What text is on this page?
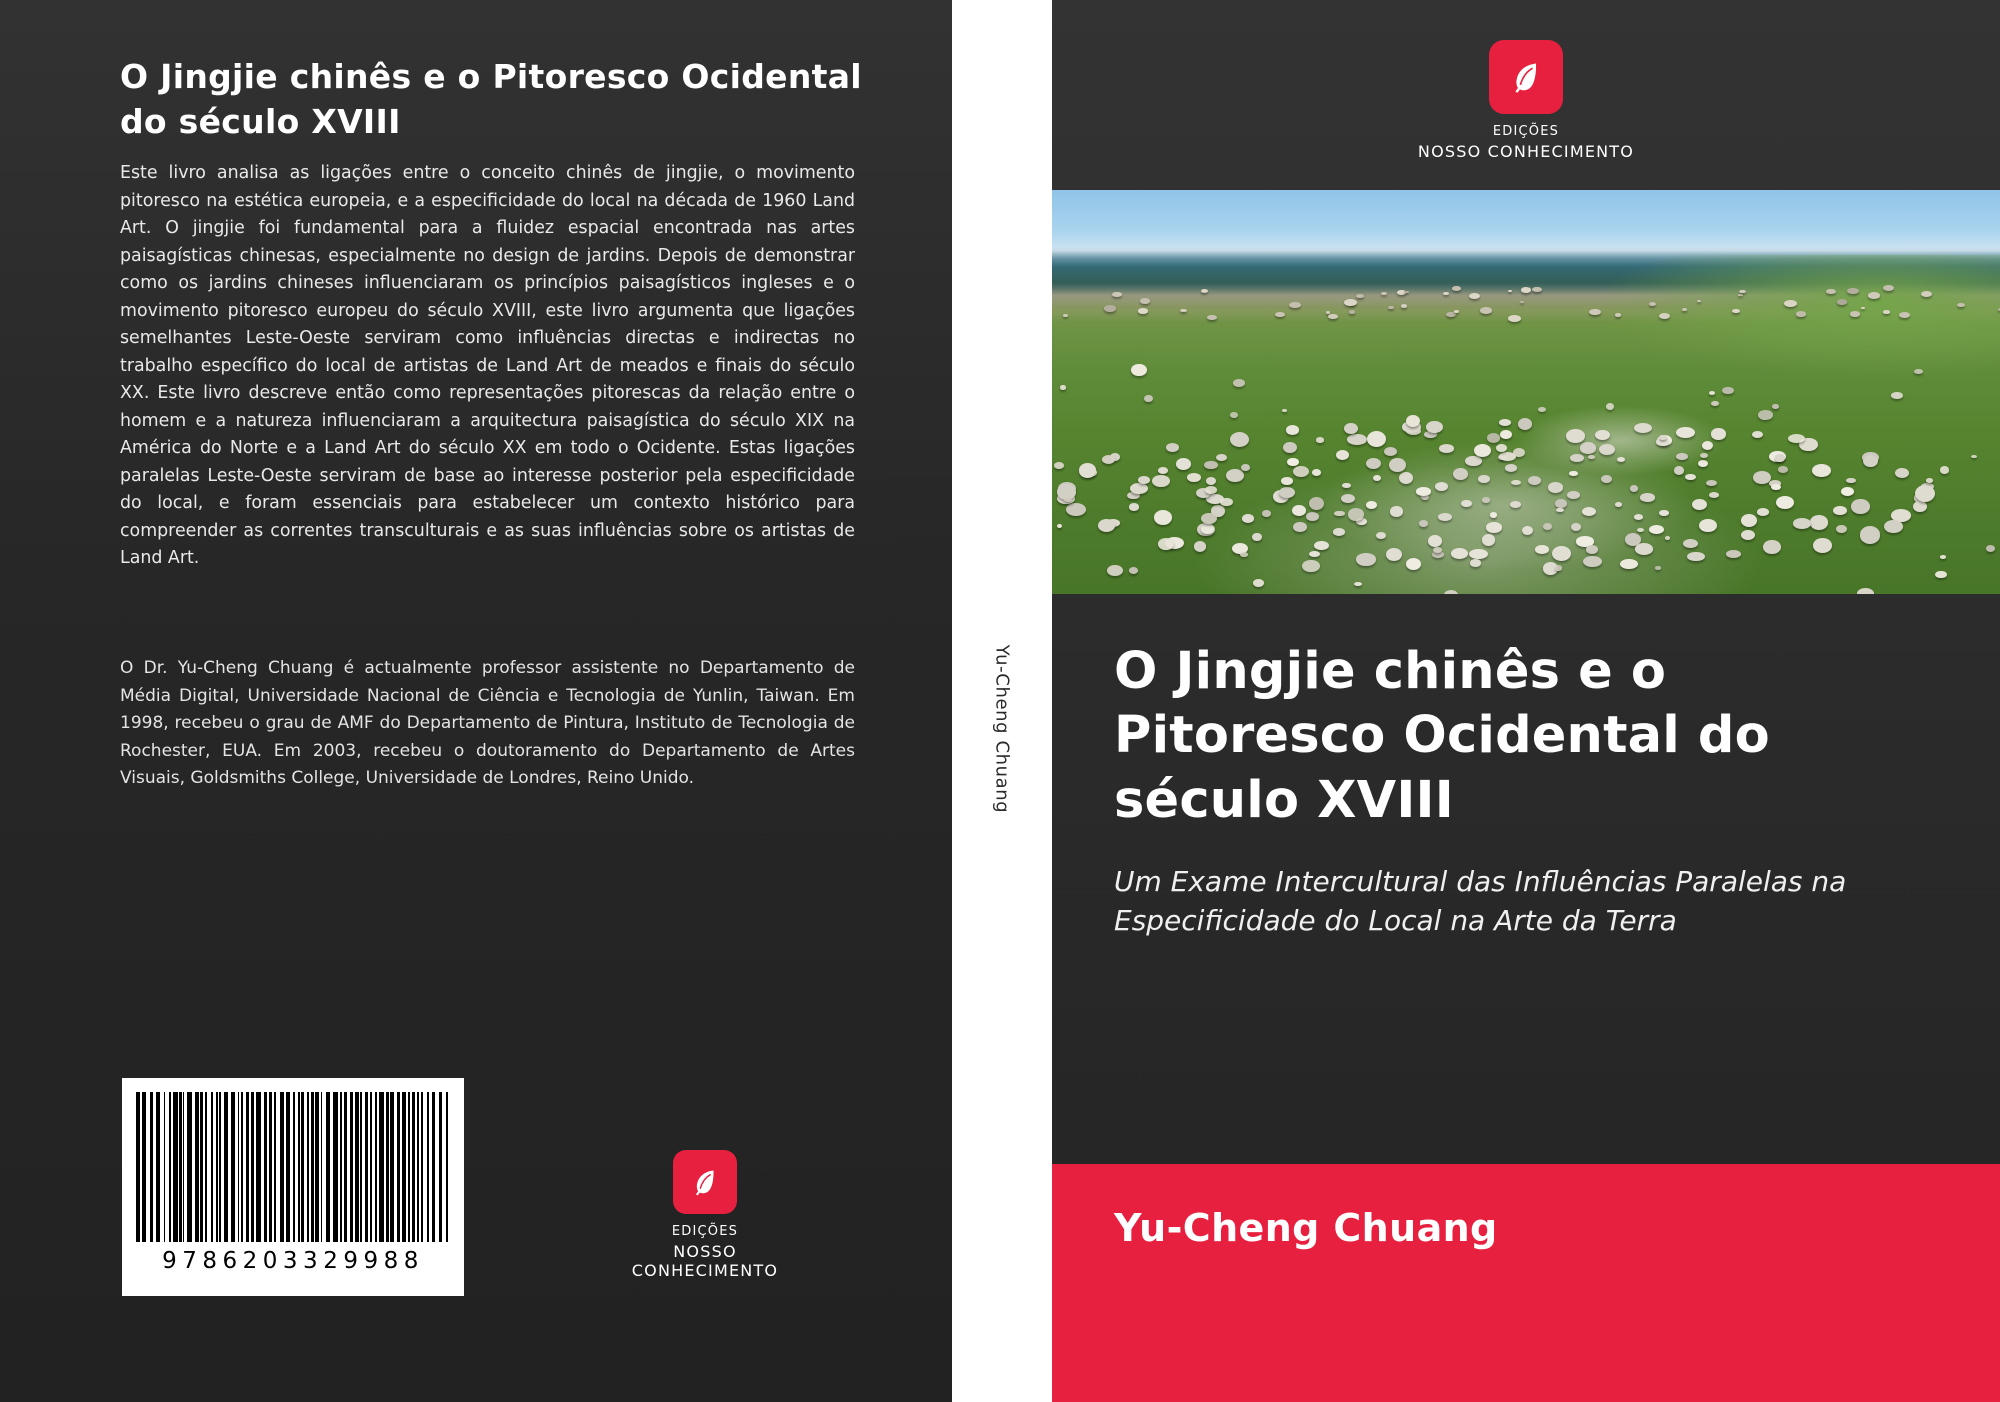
O Jingjie chinês e o Pitoresco Ocidental do século XVIII
Este livro analisa as ligações entre o conceito chinês de jingjie, o movimento pitoresco na estética europeia, e a especificidade do local na década de 1960 Land Art. O jingjie foi fundamental para a fluidez espacial encontrada nas artes paisagísticas chinesas, especialmente no design de jardins. Depois de demonstrar como os jardins chineses influenciaram os princípios paisagísticos ingleses e o movimento pitoresco europeu do século XVIII, este livro argumenta que ligações semelhantes Leste-Oeste serviram como influências directas e indirectas no trabalho específico do local de artistas de Land Art de meados e finais do século XX. Este livro descreve então como representações pitorescas da relação entre o homem e a natureza influenciaram a arquitectura paisagística do século XIX na América do Norte e a Land Art do século XX em todo o Ocidente. Estas ligações paralelas Leste-Oeste serviram de base ao interesse posterior pela especificidade do local, e foram essenciais para estabelecer um contexto histórico para compreender as correntes transculturais e as suas influências sobre os artistas de Land Art.
O Dr. Yu-Cheng Chuang é actualmente professor assistente no Departamento de Média Digital, Universidade Nacional de Ciência e Tecnologia de Yunlin, Taiwan. Em 1998, recebeu o grau de AMF do Departamento de Pintura, Instituto de Tecnologia de Rochester, EUA. Em 2003, recebeu o doutoramento do Departamento de Artes Visuais, Goldsmiths College, Universidade de Londres, Reino Unido.
9786203329988
EDIÇÕES
NOSSO CONHECIMENTO
Yu-Cheng Chuang
EDIÇÕES
NOSSO CONHECIMENTO
O Jingjie chinês e o Pitoresco Ocidental do século XVIII
Um Exame Intercultural das Influências Paralelas na Especificidade do Local na Arte da Terra
Yu-Cheng Chuang
